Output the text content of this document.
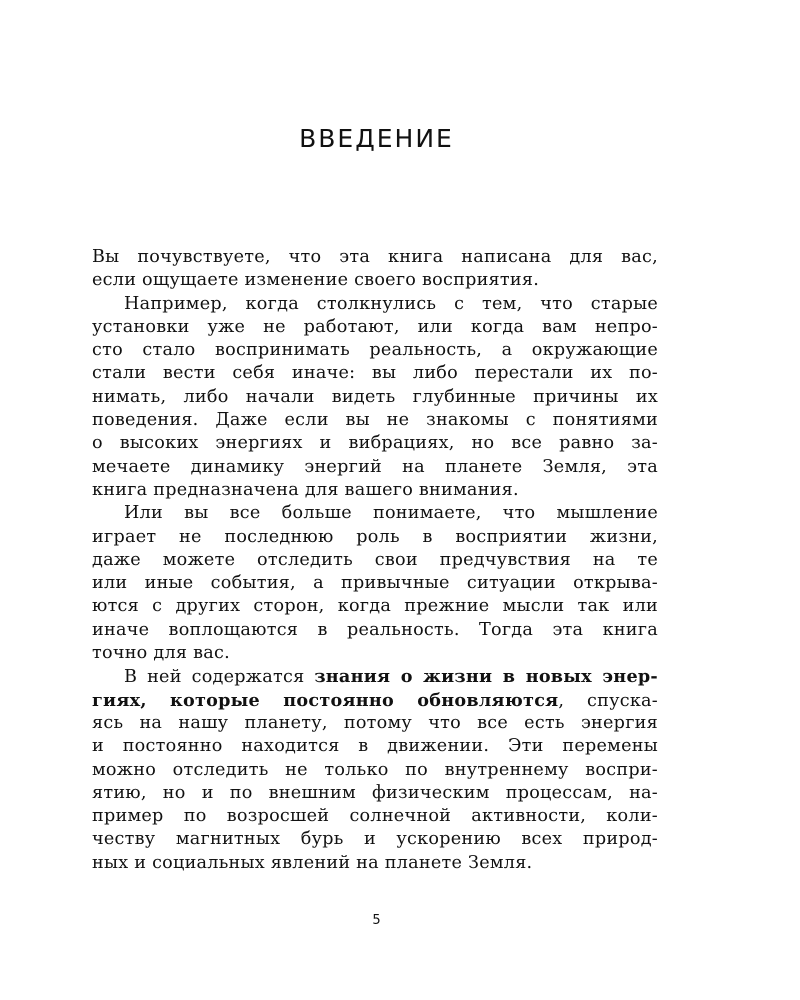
ВВЕДЕНИЕ
Вы почувствуете, что эта книга написана для вас,
если ощущаете изменение своего восприятия.
Например, когда столкнулись с тем, что старые
установки уже не работают, или когда вам непро-
сто стало воспринимать реальность, а окружающие
стали вести себя иначе: вы либо перестали их по-
нимать, либо начали видеть глубинные причины их
поведения. Даже если вы не знакомы с понятиями
о высоких энергиях и вибрациях, но все равно за-
мечаете динамику энергий на планете Земля, эта
книга предназначена для вашего внимания.
Или вы все больше понимаете, что мышление
играет не последнюю роль в восприятии жизни,
даже можете отследить свои предчувствия на те
или иные события, а привычные ситуации открыва-
ются с других сторон, когда прежние мысли так или
иначе воплощаются в реальность. Тогда эта книга
точно для вас.
В ней содержатся знания о жизни в новых энер-
гиях, которые постоянно обновляются, спуска-
ясь на нашу планету, потому что все есть энергия
и постоянно находится в движении. Эти перемены
можно отследить не только по внутреннему воспри-
ятию, но и по внешним физическим процессам, на-
пример по возросшей солнечной активности, коли-
честву магнитных бурь и ускорению всех природ-
ных и социальных явлений на планете Земля.
5
